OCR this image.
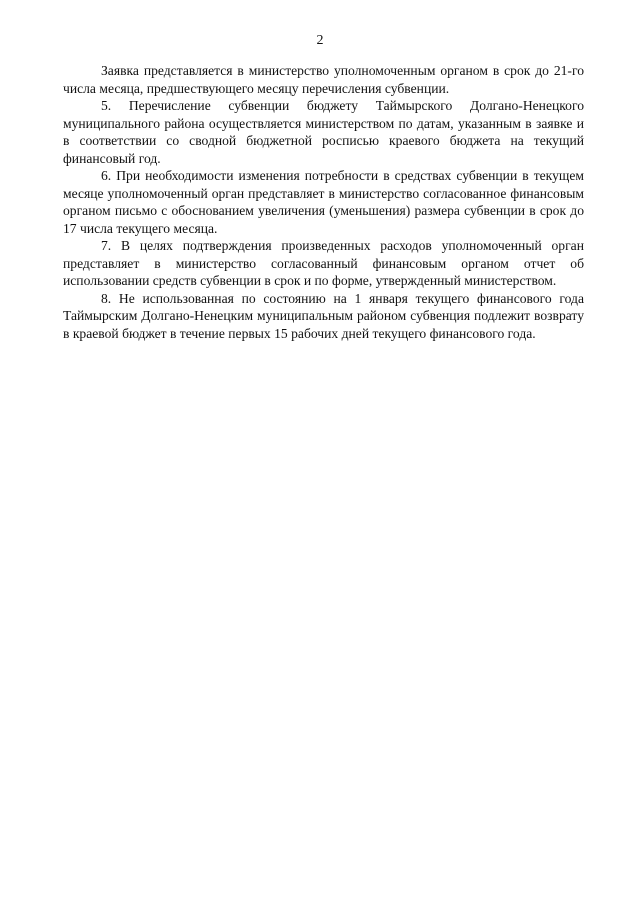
2

Заявка представляется в министерство уполномоченным органом в срок до 21-го числа месяца, предшествующего месяцу перечисления субвенции.

5. Перечисление субвенции бюджету Таймырского Долгано-Ненецкого муниципального района осуществляется министерством по датам, указанным в заявке и в соответствии со сводной бюджетной росписью краевого бюджета на текущий финансовый год.

6. При необходимости изменения потребности в средствах субвенции в текущем месяце уполномоченный орган представляет в министерство согласованное финансовым органом письмо с обоснованием увеличения (уменьшения) размера субвенции в срок до 17 числа текущего месяца.

7. В целях подтверждения произведенных расходов уполномоченный орган представляет в министерство согласованный финансовым органом отчет об использовании средств субвенции в срок и по форме, утвержденный министерством.

8. Не использованная по состоянию на 1 января текущего финансового года Таймырским Долгано-Ненецким муниципальным районом субвенция подлежит возврату в краевой бюджет в течение первых 15 рабочих дней текущего финансового года.
